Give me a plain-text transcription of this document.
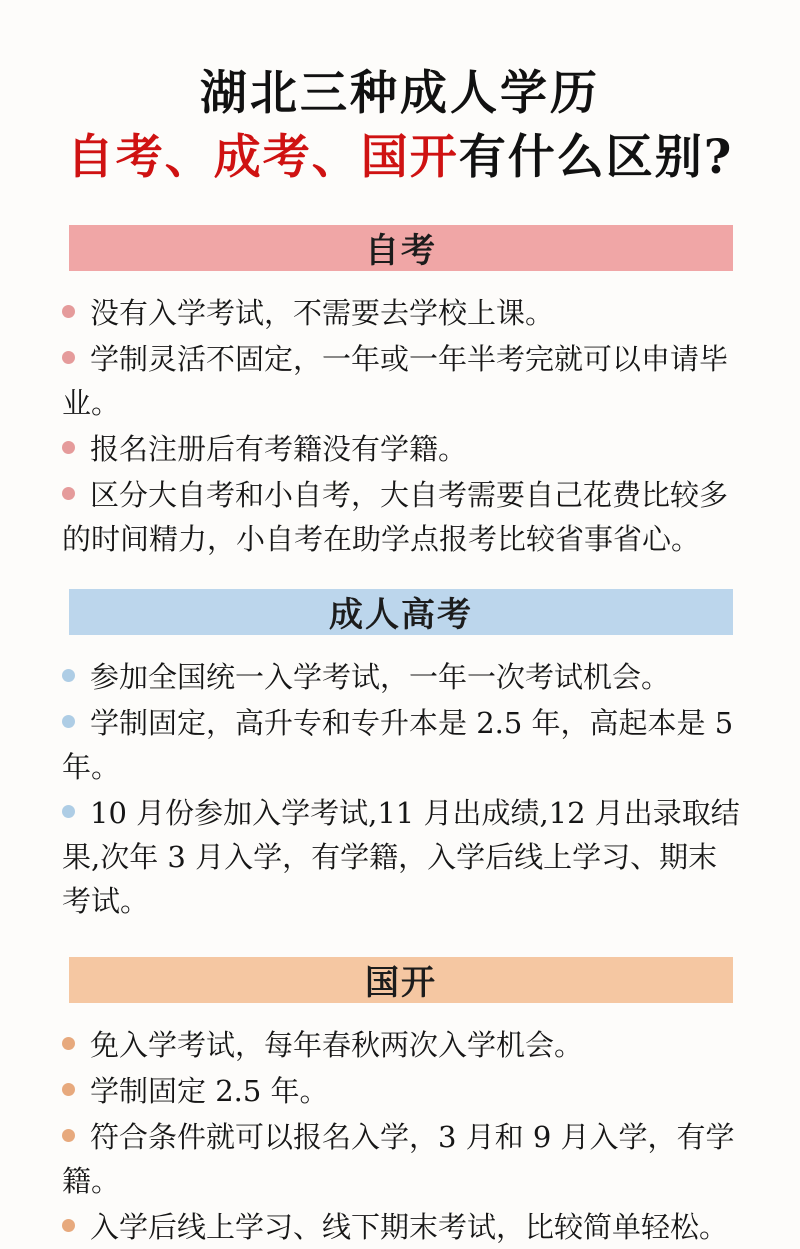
湖北三种成人学历
自考、成考、国开有什么区别?
自考
没有入学考试，不需要去学校上课。
学制灵活不固定，一年或一年半考完就可以申请毕业。
报名注册后有考籍没有学籍。
区分大自考和小自考，大自考需要自己花费比较多的时间精力，小自考在助学点报考比较省事省心。
成人高考
参加全国统一入学考试，一年一次考试机会。
学制固定，高升专和专升本是 2.5 年，高起本是 5 年。
10 月份参加入学考试,11 月出成绩,12 月出录取结果,次年 3 月入学，有学籍，入学后线上学习、期末考试。
国开
免入学考试，每年春秋两次入学机会。
学制固定 2.5 年。
符合条件就可以报名入学，3 月和 9 月入学，有学籍。
入学后线上学习、线下期末考试，比较简单轻松。
